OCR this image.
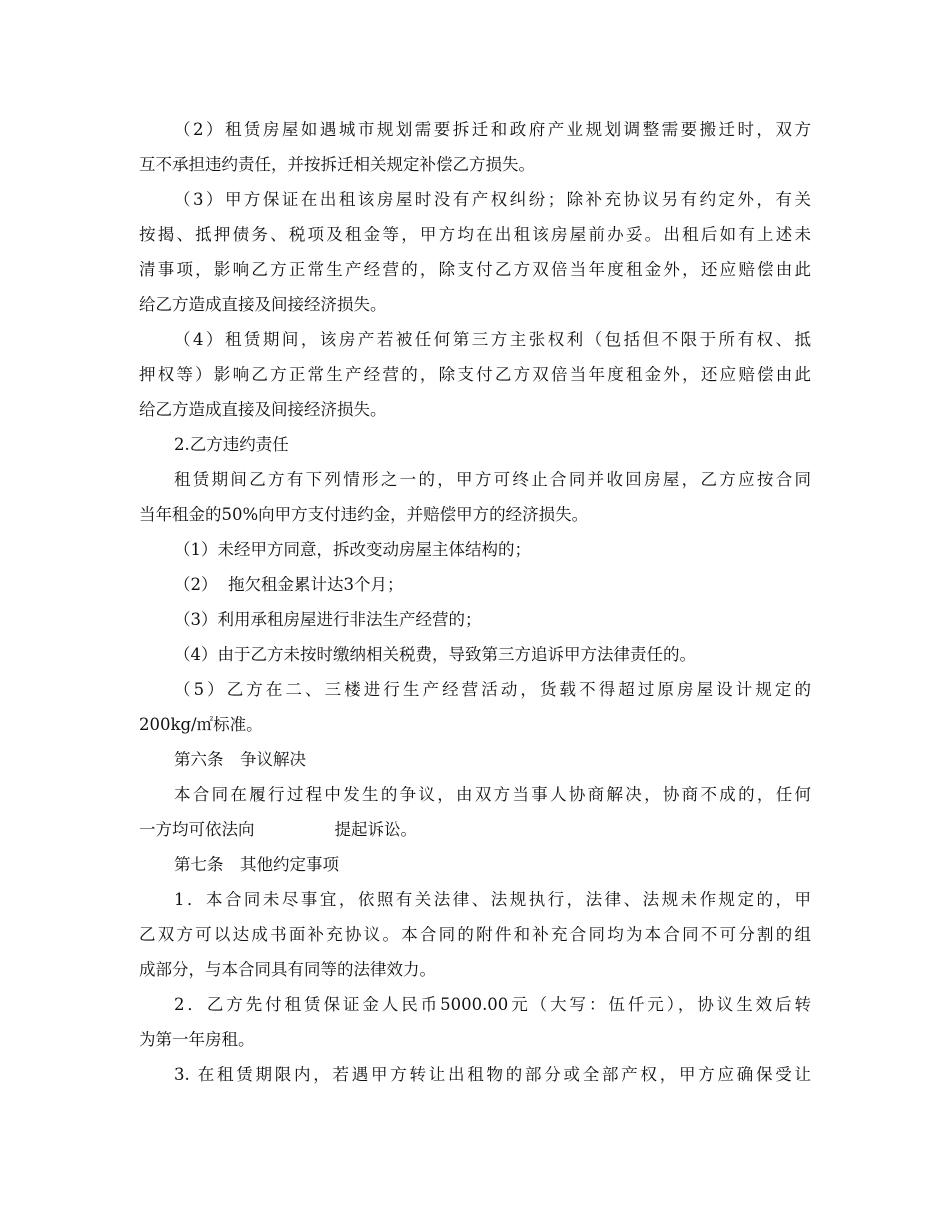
（2）租赁房屋如遇城市规划需要拆迁和政府产业规划调整需要搬迁时，双方
互不承担违约责任，并按拆迁相关规定补偿乙方损失。
（3）甲方保证在出租该房屋时没有产权纠纷；除补充协议另有约定外，有关
按揭、抵押债务、税项及租金等，甲方均在出租该房屋前办妥。出租后如有上述未
清事项，影响乙方正常生产经营的，除支付乙方双倍当年度租金外，还应赔偿由此
给乙方造成直接及间接经济损失。
（4）租赁期间，该房产若被任何第三方主张权利（包括但不限于所有权、抵
押权等）影响乙方正常生产经营的，除支付乙方双倍当年度租金外，还应赔偿由此
给乙方造成直接及间接经济损失。
2.乙方违约责任
租赁期间乙方有下列情形之一的，甲方可终止合同并收回房屋，乙方应按合同
当年租金的50%向甲方支付违约金，并赔偿甲方的经济损失。
（1）未经甲方同意，拆改变动房屋主体结构的；
（2）  拖欠租金累计达3个月；
（3）利用承租房屋进行非法生产经营的；
（4）由于乙方未按时缴纳相关税费，导致第三方追诉甲方法律责任的。
（5）乙方在二、三楼进行生产经营活动，货载不得超过原房屋设计规定的
200kg/㎡标准。
第六条　争议解决
本合同在履行过程中发生的争议，由双方当事人协商解决，协商不成的，任何
一方均可依法向	提起诉讼。
第七条　其他约定事项
1．本合同未尽事宜，依照有关法律、法规执行，法律、法规未作规定的，甲
乙双方可以达成书面补充协议。本合同的附件和补充合同均为本合同不可分割的组
成部分，与本合同具有同等的法律效力。
2．乙方先付租赁保证金人民币5000.00元（大写：伍仟元），协议生效后转
为第一年房租。
3. 在租赁期限内，若遇甲方转让出租物的部分或全部产权，甲方应确保受让
